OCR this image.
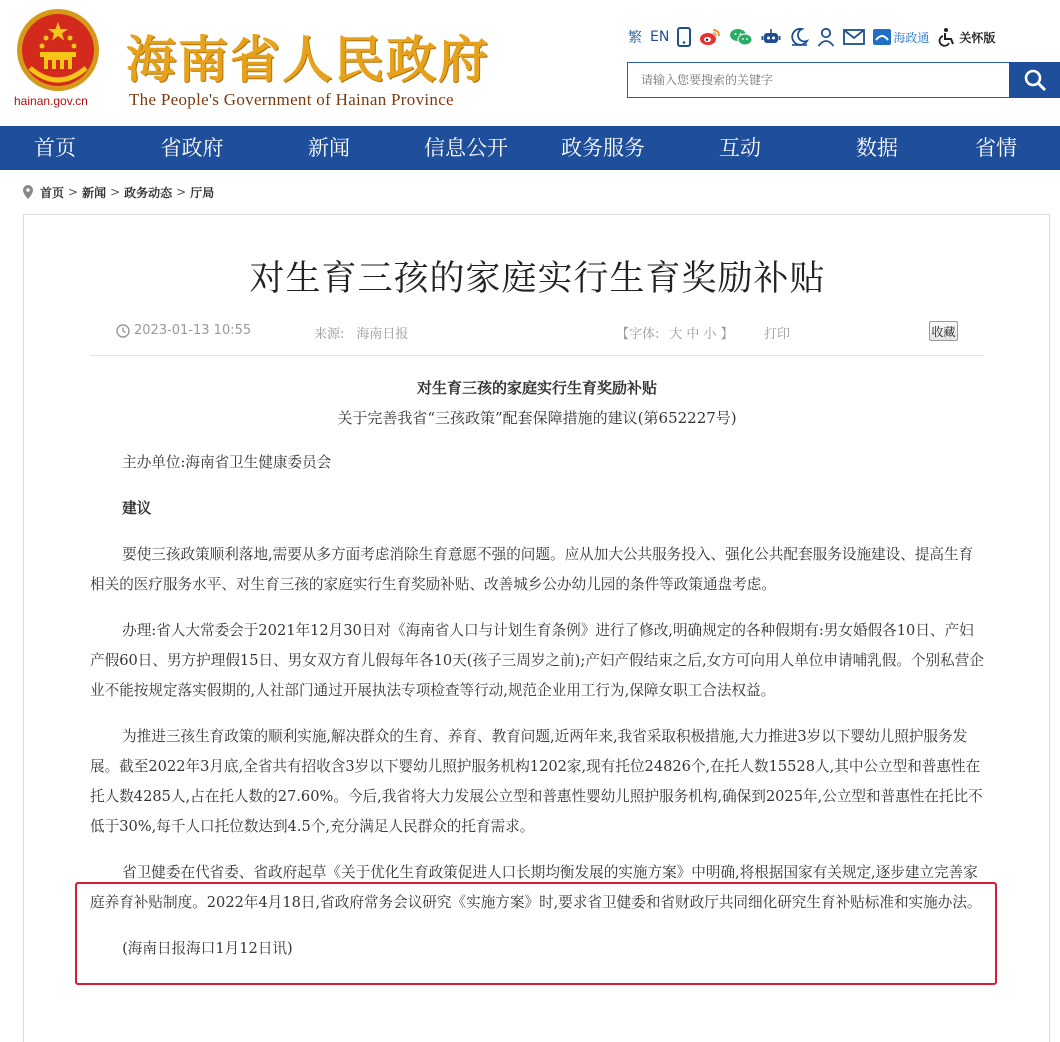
hainan.gov.cn
海南省人民政府
The People's Government of Hainan Province
繁 EN	海政通	关怀版
请输入您要搜索的关键字
首页	省政府	新闻	信息公开	政务服务	互动	数据	省情
首页 > 新闻 > 政务动态 > 厅局
对生育三孩的家庭实行生育奖励补贴
2023-01-13 10:55	来源: 海南日报	【字体: 大 中 小 】 打印	收藏
对生育三孩的家庭实行生育奖励补贴
关于完善我省“三孩政策”配套保障措施的建议(第652227号)

主办单位:海南省卫生健康委员会

建议

要使三孩政策顺利落地,需要从多方面考虑消除生育意愿不强的问题。应从加大公共服务投入、强化公共配套服务设施建设、提高生育相关的医疗服务水平、对生育三孩的家庭实行生育奖励补贴、改善城乡公办幼儿园的条件等政策通盘考虑。

办理:省人大常委会于2021年12月30日对《海南省人口与计划生育条例》进行了修改,明确规定的各种假期有:男女婚假各10日、产妇产假60日、男方护理假15日、男女双方育儿假每年各10天(孩子三周岁之前);产妇产假结束之后,女方可向用人单位申请哺乳假。个别私营企业不能按规定落实假期的,人社部门通过开展执法专项检查等行动,规范企业用工行为,保障女职工合法权益。

为推进三孩生育政策的顺利实施,解决群众的生育、养育、教育问题,近两年来,我省采取积极措施,大力推进3岁以下婴幼儿照护服务发展。截至2022年3月底,全省共有招收含3岁以下婴幼儿照护服务机构1202家,现有托位24826个,在托人数15528人,其中公立型和普惠性在托人数4285人,占在托人数的27.60%。今后,我省将大力发展公立型和普惠性婴幼儿照护服务机构,确保到2025年,公立型和普惠性在托比不低于30%,每千人口托位数达到4.5个,充分满足人民群众的托育需求。

省卫健委在代省委、省政府起草《关于优化生育政策促进人口长期均衡发展的实施方案》中明确,将根据国家有关规定,逐步建立完善家庭养育补贴制度。2022年4月18日,省政府常务会议研究《实施方案》时,要求省卫健委和省财政厅共同细化研究生育补贴标准和实施办法。

(海南日报海口1月12日讯)
